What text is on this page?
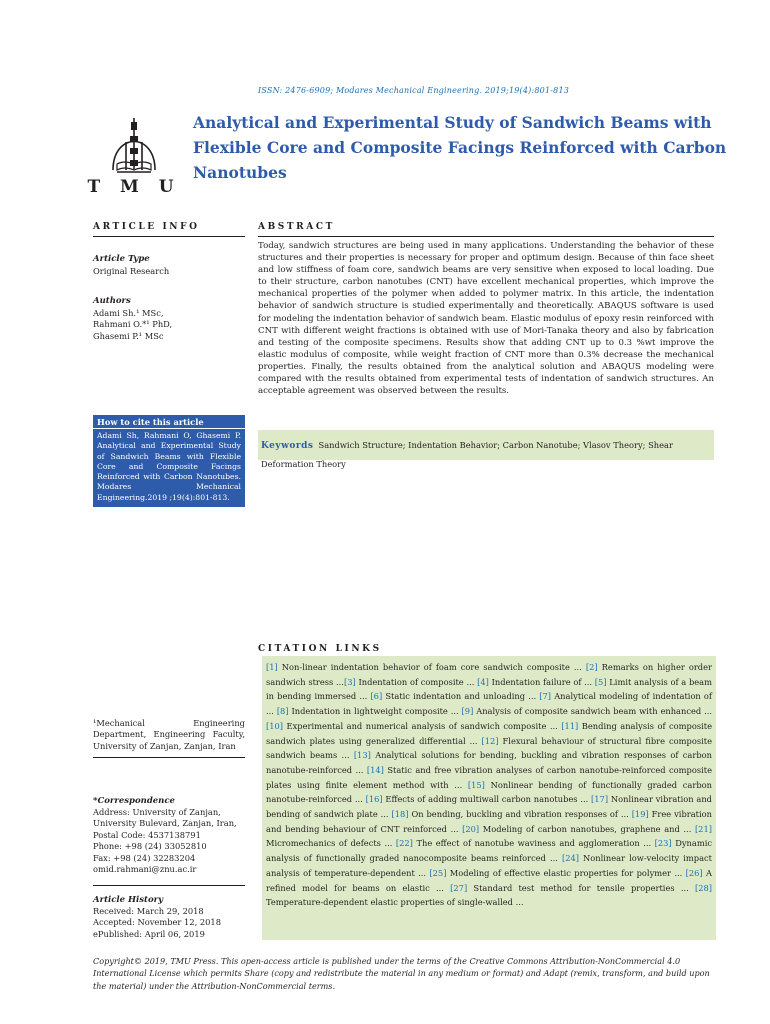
ISSN: 2476-6909; Modares Mechanical Engineering. 2019;19(4):801-813
T M U
Analytical and Experimental Study of Sandwich Beams with Flexible Core and Composite Facings Reinforced with Carbon Nanotubes
ARTICLE INFO	ABSTRACT
Article Type
Original Research
Authors
Adami Sh.¹ MSc,
Rahmani O.*¹ PhD,
Ghasemi P.¹ MSc
How to cite this article
Adami Sh, Rahmani O, Ghasemi P. Analytical and Experimental Study of Sandwich Beams with Flexible Core and Composite Facings Reinforced with Carbon Nanotubes. Modares Mechanical Engineering.2019 ;19(4):801-813.
¹Mechanical Engineering Department, Engineering Faculty, University of Zanjan, Zanjan, Iran
*Correspondence
Address: University of Zanjan, University Bulevard, Zanjan, Iran, Postal Code: 4537138791
Phone: +98 (24) 33052810
Fax: +98 (24) 32283204
omid.rahmani@znu.ac.ir
Article History
Received: March 29, 2018
Accepted: November 12, 2018
ePublished: April 06, 2019
Today, sandwich structures are being used in many applications. Understanding the behavior of these structures and their properties is necessary for proper and optimum design. Because of thin face sheet and low stiffness of foam core, sandwich beams are very sensitive when exposed to local loading. Due to their structure, carbon nanotubes (CNT) have excellent mechanical properties, which improve the mechanical properties of the polymer when added to polymer matrix. In this article, the indentation behavior of sandwich structure is studied experimentally and theoretically. ABAQUS software is used for modeling the indentation behavior of sandwich beam. Elastic modulus of epoxy resin reinforced with CNT with different weight fractions is obtained with use of Mori-Tanaka theory and also by fabrication and testing of the composite specimens. Results show that adding CNT up to 0.3 %wt improve the elastic modulus of composite, while weight fraction of CNT more than 0.3% decrease the mechanical properties. Finally, the results obtained from the analytical solution and ABAQUS modeling were compared with the results obtained from experimental tests of indentation of sandwich structures. An acceptable agreement was observed between the results.
Keywords Sandwich Structure; Indentation Behavior; Carbon Nanotube; Vlasov Theory; Shear Deformation Theory
CITATION LINKS
[1] Non-linear indentation behavior of foam core sandwich composite ... [2] Remarks on higher order sandwich stress ...[3] Indentation of composite ... [4] Indentation failure of ... [5] Limit analysis of a beam in bending immersed ... [6] Static indentation and unloading ... [7] Analytical modeling of indentation of ... [8] Indentation in lightweight composite ... [9] Analysis of composite sandwich beam with enhanced ... [10] Experimental and numerical analysis of sandwich composite ... [11] Bending analysis of composite sandwich plates using generalized differential ... [12] Flexural behaviour of structural fibre composite sandwich beams ... [13] Analytical solutions for bending, buckling and vibration responses of carbon nanotube-reinforced ... [14] Static and free vibration analyses of carbon nanotube-reinforced composite plates using finite element method with ... [15] Nonlinear bending of functionally graded carbon nanotube-reinforced ... [16] Effects of adding multiwall carbon nanotubes ... [17] Nonlinear vibration and bending of sandwich plate ... [18] On bending, buckling and vibration responses of ... [19] Free vibration and bending behaviour of CNT reinforced ... [20] Modeling of carbon nanotubes, graphene and ... [21] Micromechanics of defects ... [22] The effect of nanotube waviness and agglomeration ... [23] Dynamic analysis of functionally graded nanocomposite beams reinforced ... [24] Nonlinear low-velocity impact analysis of temperature-dependent ... [25] Modeling of effective elastic properties for polymer ... [26] A refined model for beams on elastic ... [27] Standard test method for tensile properties ... [28] Temperature-dependent elastic properties of single-walled ...
Copyright© 2019, TMU Press. This open-access article is published under the terms of the Creative Commons Attribution-NonCommercial 4.0 International License which permits Share (copy and redistribute the material in any medium or format) and Adapt (remix, transform, and build upon the material) under the Attribution-NonCommercial terms.
